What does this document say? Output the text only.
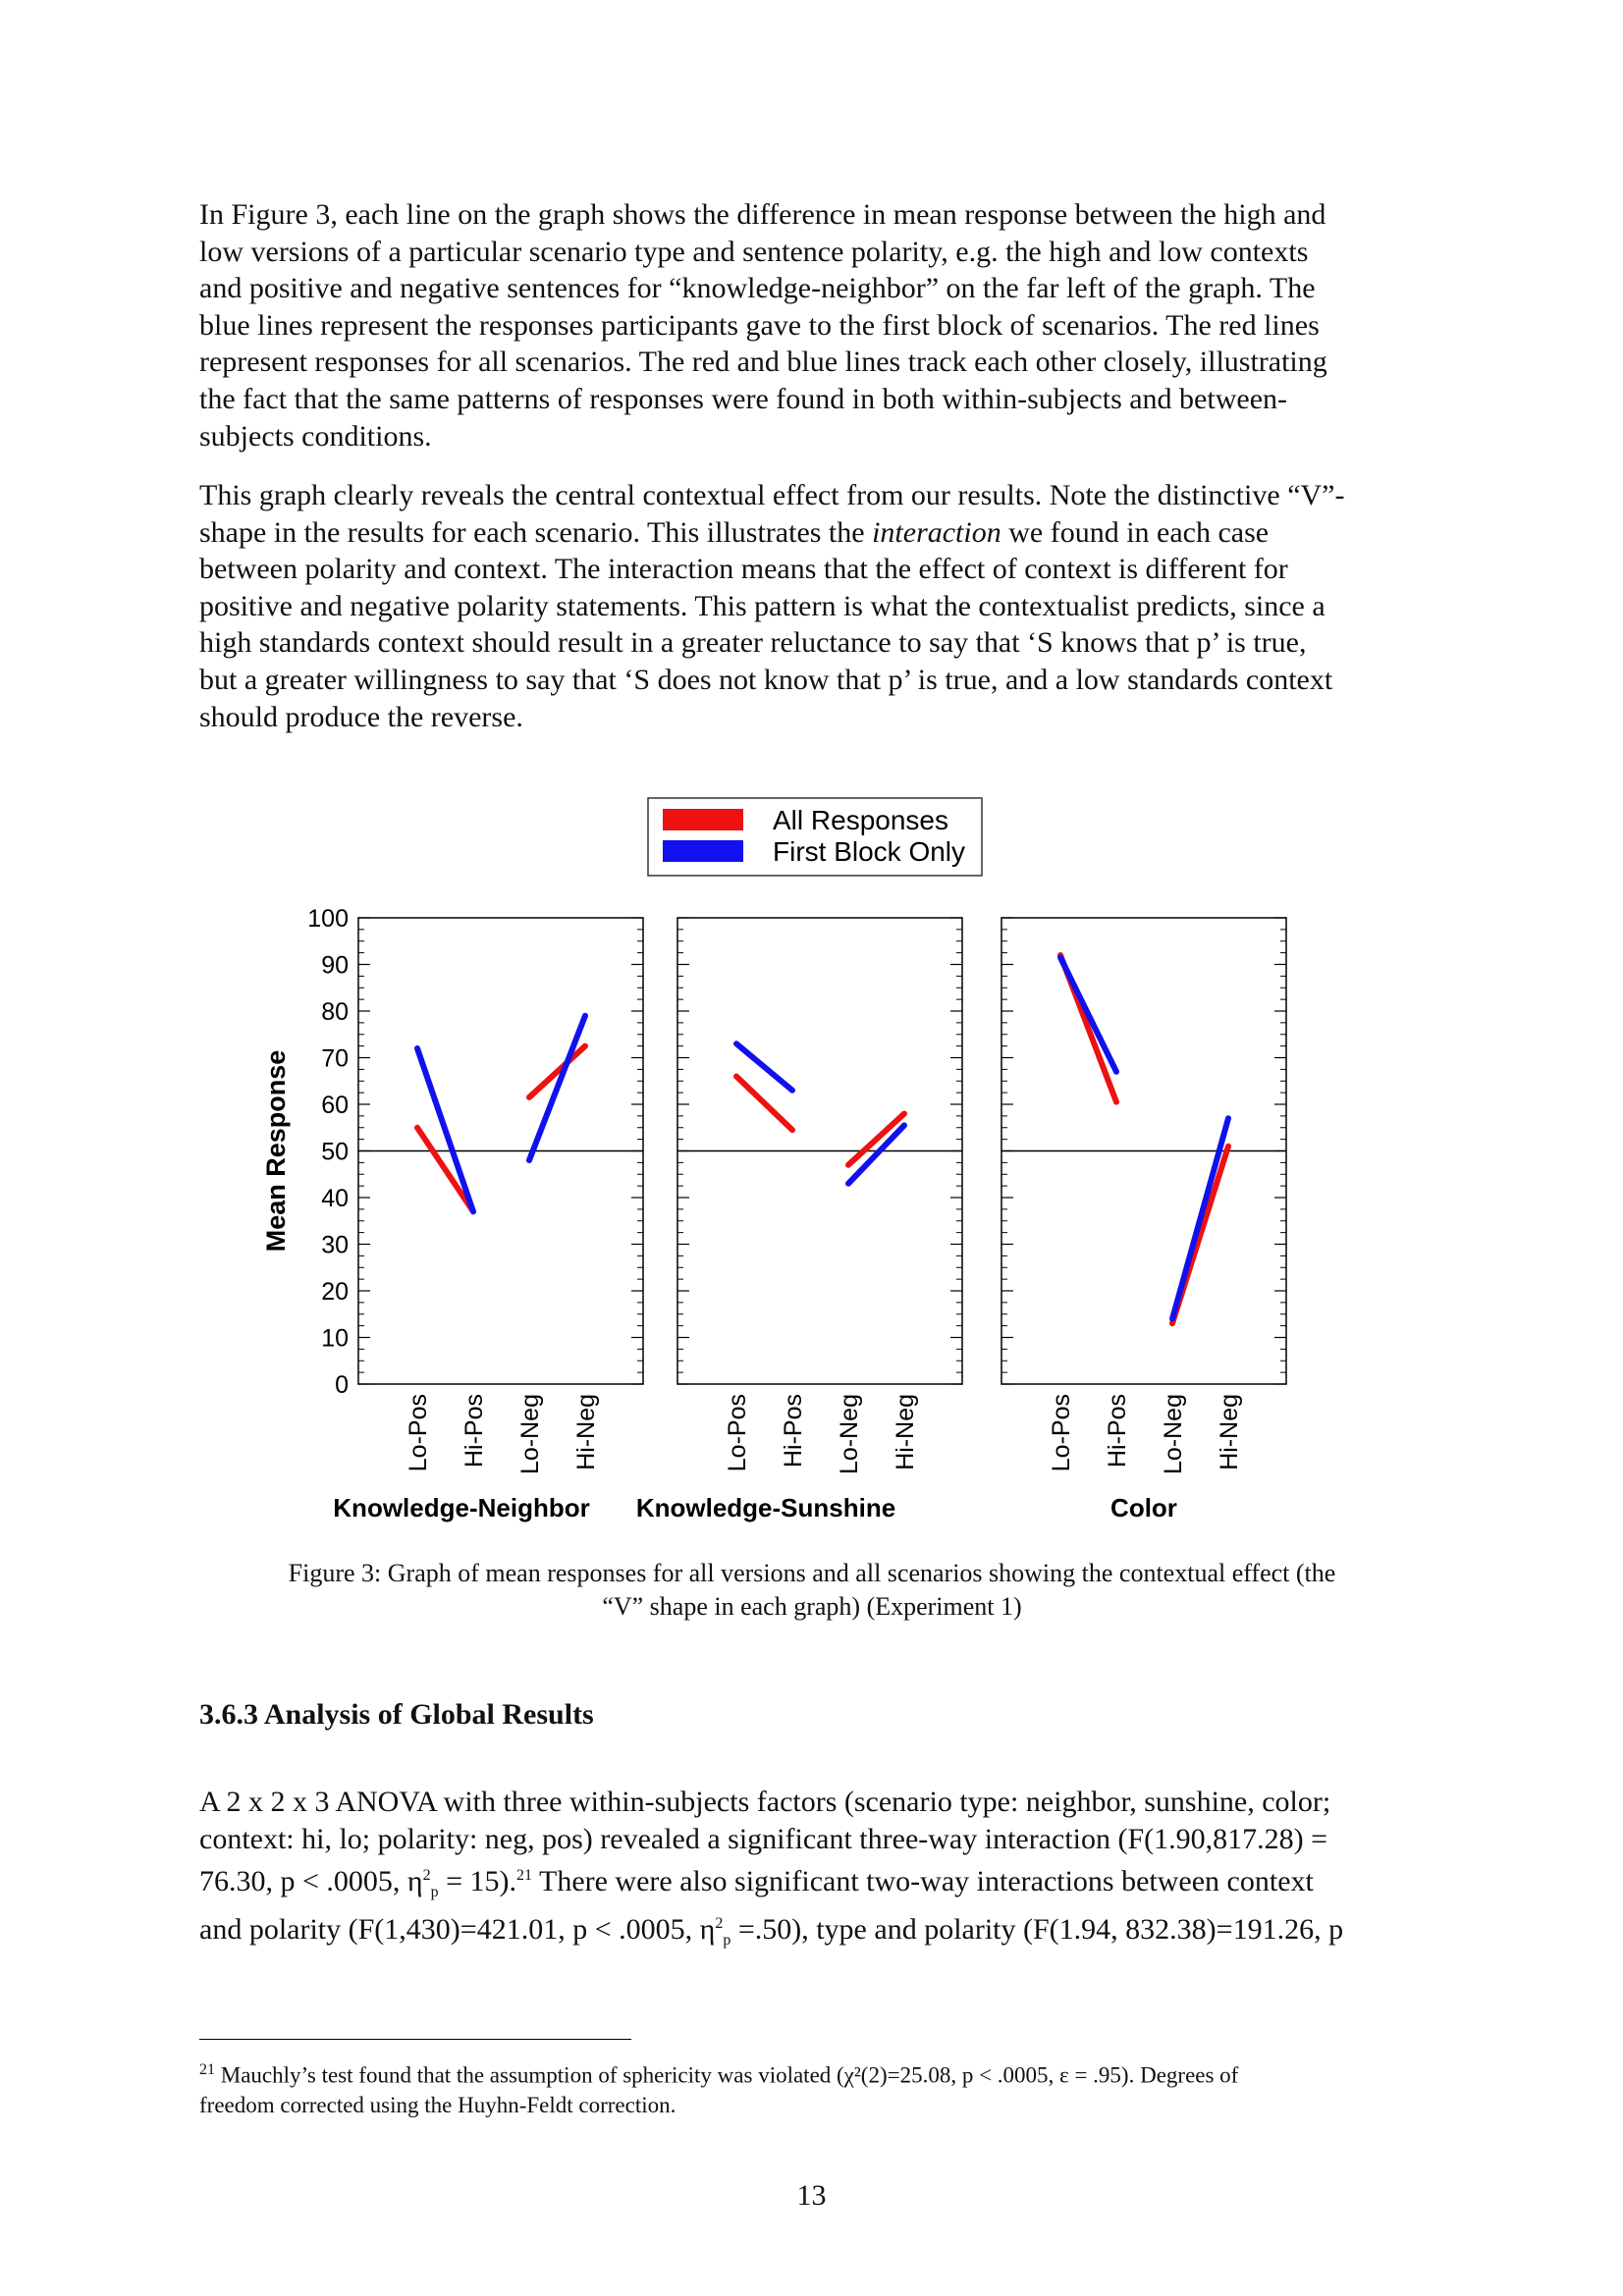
In Figure 3, each line on the graph shows the difference in mean response between the high and
low versions of a particular scenario type and sentence polarity, e.g. the high and low contexts
and positive and negative sentences for “knowledge-neighbor” on the far left of the graph. The
blue lines represent the responses participants gave to the first block of scenarios. The red lines
represent responses for all scenarios. The red and blue lines track each other closely, illustrating
the fact that the same patterns of responses were found in both within-subjects and between-
subjects conditions.
This graph clearly reveals the central contextual effect from our results. Note the distinctive “V”-
shape in the results for each scenario. This illustrates the interaction we found in each case
between polarity and context. The interaction means that the effect of context is different for
positive and negative polarity statements. This pattern is what the contextualist predicts, since a
high standards context should result in a greater reluctance to say that ‘S knows that p’ is true,
but a greater willingness to say that ‘S does not know that p’ is true, and a low standards context
should produce the reverse.
All Responses
First Block Only
Mean Response
0
10
20
30
40
50
60
70
80
90
100
Lo-Pos Hi-Pos Lo-Neg Hi-Neg
Knowledge-Neighbor
Lo-Pos Hi-Pos Lo-Neg Hi-Neg
Knowledge-Sunshine
Lo-Pos Hi-Pos Lo-Neg Hi-Neg
Color
Figure 3: Graph of mean responses for all versions and all scenarios showing the contextual effect (the
“V” shape in each graph) (Experiment 1)
3.6.3 Analysis of Global Results
A 2 x 2 x 3 ANOVA with three within-subjects factors (scenario type: neighbor, sunshine, color;
context: hi, lo; polarity: neg, pos) revealed a significant three-way interaction (F(1.90,817.28) =
76.30, p < .0005, $\eta^2_p = 15).^{21}$ There were also significant two-way interactions between context
and polarity (F(1,430)=421.01, p < .0005, $\eta^2_p =.50$), type and polarity (F(1.94, 832.38)=191.26, p
$^{21}$ Mauchly’s test found that the assumption of sphericity was violated (χ²(2)=25.08, p < .0005, ε = .95). Degrees of
freedom corrected using the Huyhn-Feldt correction.
13
